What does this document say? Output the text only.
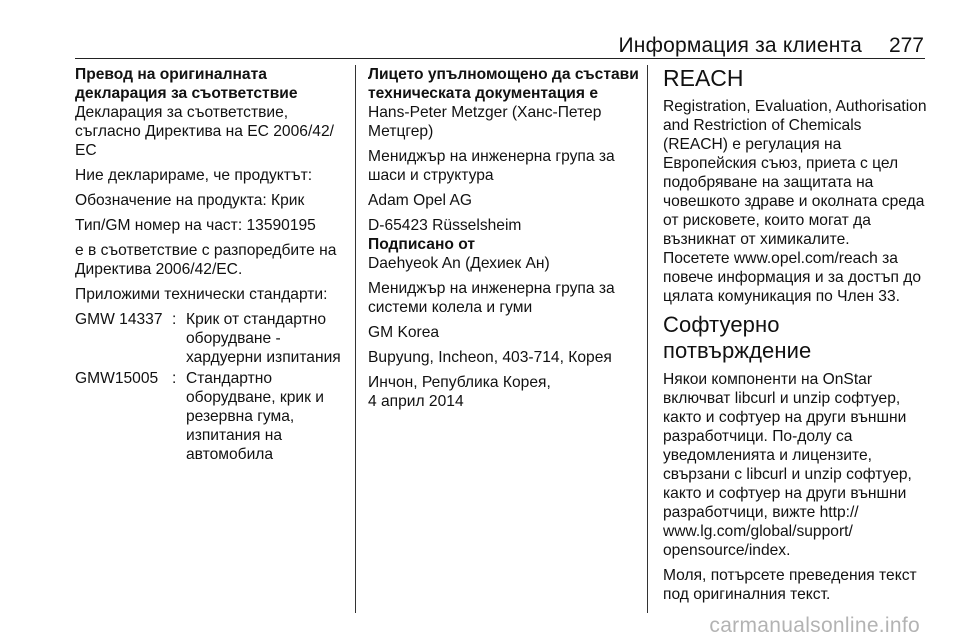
Информация за клиента 277

Превод на оригиналната декларация за съответствие

Декларация за съответствие, съгласно Директива на ЕС 2006/42/ЕС

Ние декларираме, че продуктът:

Обозначение на продукта: Крик

Тип/GM номер на част: 13590195

е в съответствие с разпоредбите на Директива 2006/42/ЕС.

Приложими технически стандарти:

GMW 14337 : Крик от стандартно оборудване - хардуерни изпитания
GMW15005 : Стандартно оборудване, крик и резервна гума, изпитания на автомобила

Лицето упълномощено да състави техническата документация е

Hans-Peter Metzger (Ханс-Петер Метцгер)

Мениджър на инженерна група за шаси и структура

Adam Opel AG

D-65423 Rüsselsheim

Подписано от

Daehyeok An (Дехиек Ан)

Мениджър на инженерна група за системи колела и гуми

GM Korea

Bupyung, Incheon, 403-714, Корея

Инчон, Република Корея,

4 април 2014

REACH

Registration, Evaluation, Authorisation and Restriction of Chemicals (REACH) е регулация на Европейския съюз, приета с цел подобряване на защитата на човешкото здраве и околната среда от рисковете, които могат да възникнат от химикалите.

Посетете www.opel.com/reach за повече информация и за достъп до цялата комуникация по Член 33.

Софтуерно потвърждение

Някои компоненти на OnStar включват libcurl и unzip софтуер, както и софтуер на други външни разработчици. По-долу са уведомленията и лицензите, свързани с libcurl и unzip софтуер, както и софтуер на други външни разработчици, вижте http:// www.lg.com/global/support/ opensource/index.

Моля, потърсете преведения текст под оригиналния текст.

carmanualsonline.info
